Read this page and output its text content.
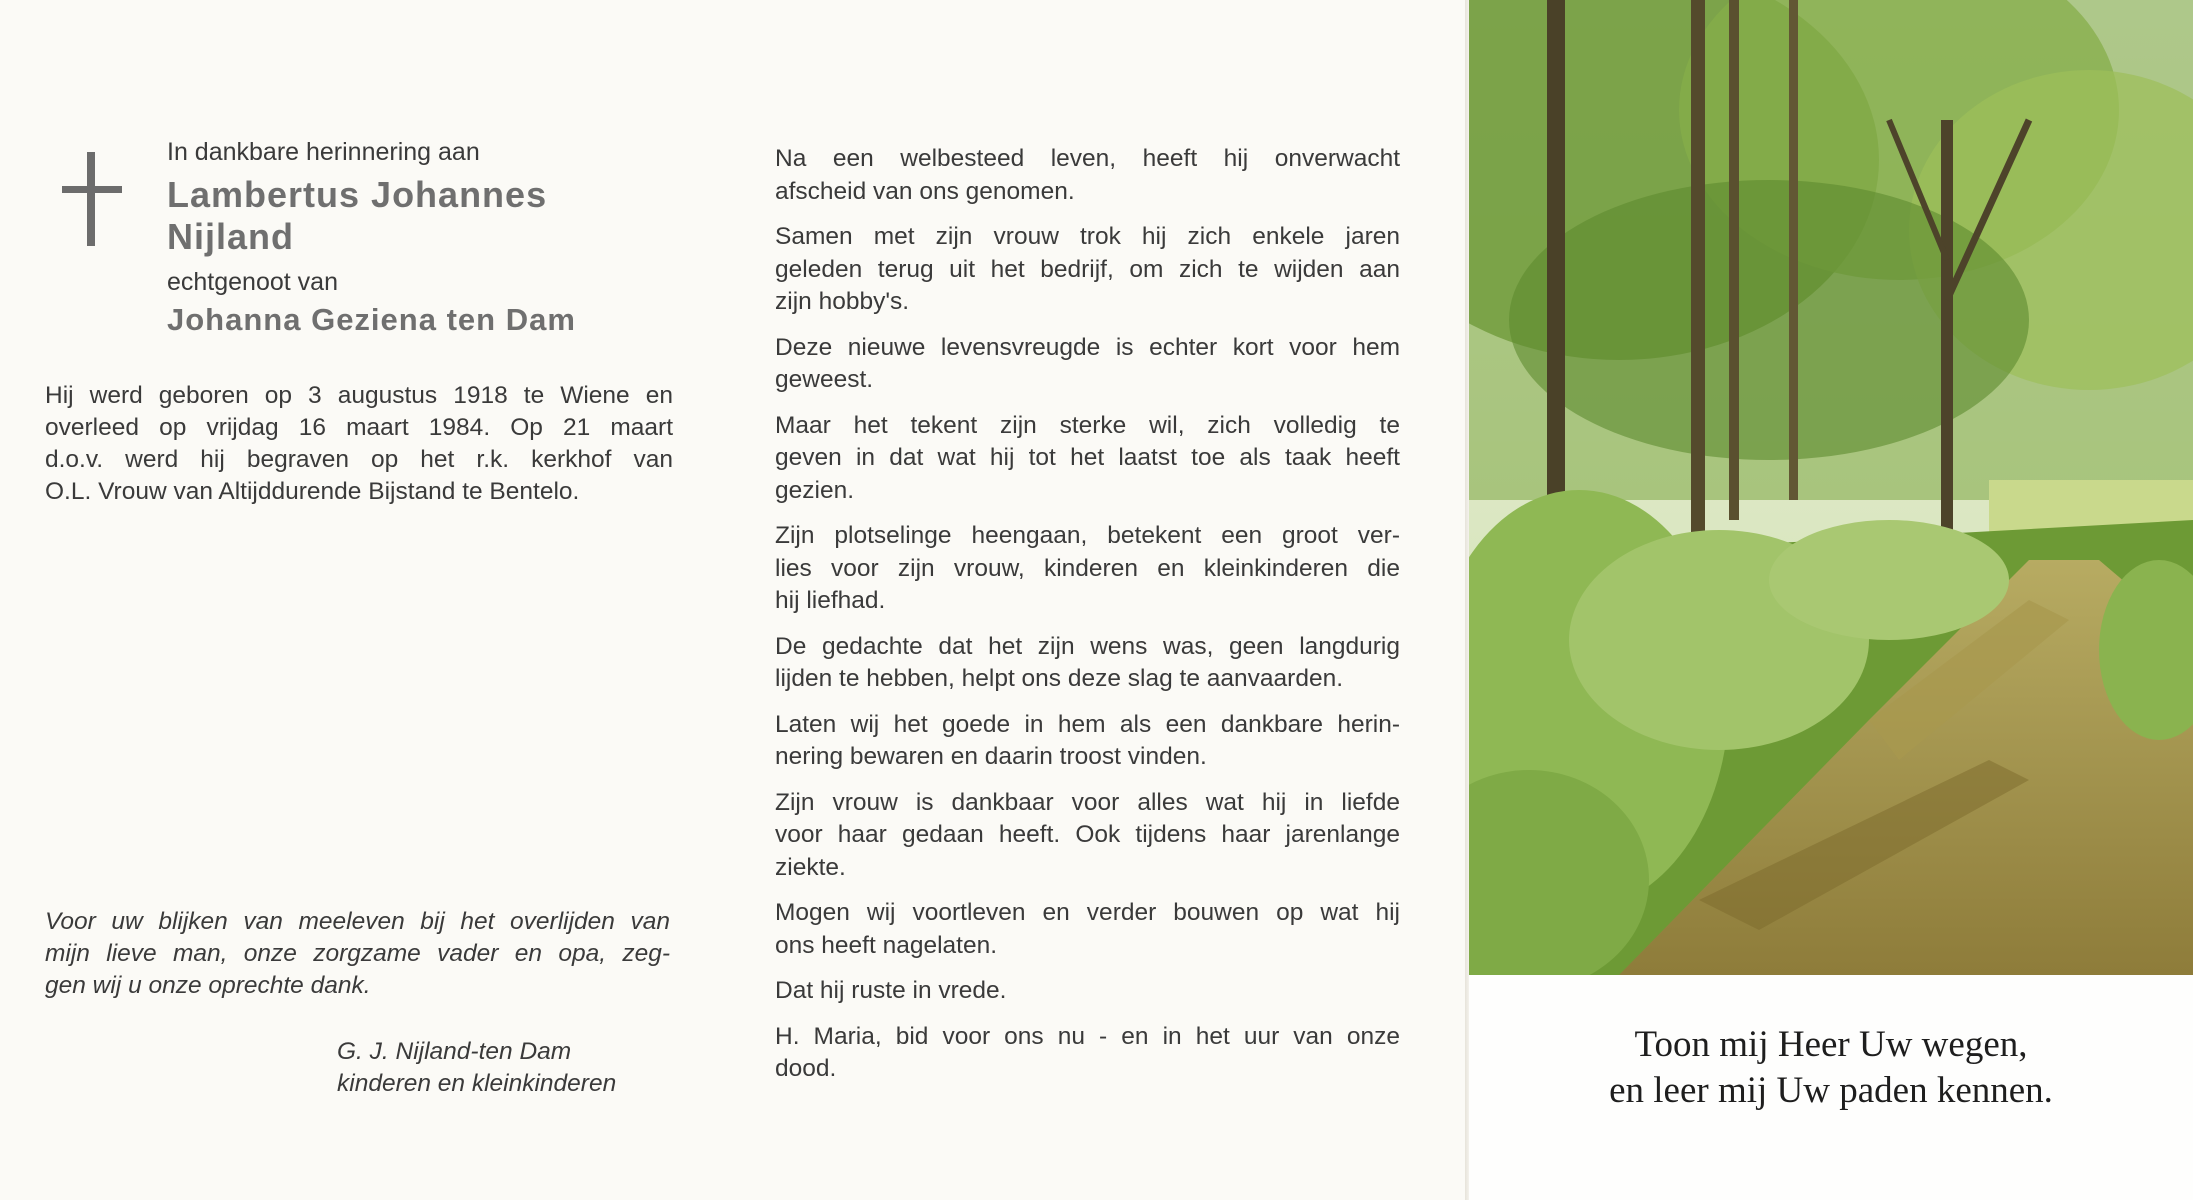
In dankbare herinnering aan
Lambertus Johannes
Nijland
echtgenoot van
Johanna Geziena ten Dam
Hij werd geboren op 3 augustus 1918 te Wiene en
overleed op vrijdag 16 maart 1984. Op 21 maart
d.o.v. werd hij begraven op het r.k. kerkhof van
O.L. Vrouw van Altijddurende Bijstand te Bentelo.
Voor uw blijken van meeleven bij het overlijden van
mijn lieve man, onze zorgzame vader en opa, zeg-
gen wij u onze oprechte dank.
G. J. Nijland-ten Dam
kinderen en kleinkinderen

Na een welbesteed leven, heeft hij onverwacht
afscheid van ons genomen.

Samen met zijn vrouw trok hij zich enkele jaren
geleden terug uit het bedrijf, om zich te wijden aan
zijn hobby's.

Deze nieuwe levensvreugde is echter kort voor hem
geweest.

Maar het tekent zijn sterke wil, zich volledig te
geven in dat wat hij tot het laatst toe als taak heeft
gezien.

Zijn plotselinge heengaan, betekent een groot ver-
lies voor zijn vrouw, kinderen en kleinkinderen die
hij liefhad.

De gedachte dat het zijn wens was, geen langdurig
lijden te hebben, helpt ons deze slag te aanvaarden.

Laten wij het goede in hem als een dankbare herin-
nering bewaren en daarin troost vinden.

Zijn vrouw is dankbaar voor alles wat hij in liefde
voor haar gedaan heeft. Ook tijdens haar jarenlange
ziekte.

Mogen wij voortleven en verder bouwen op wat hij
ons heeft nagelaten.

Dat hij ruste in vrede.

H. Maria, bid voor ons nu - en in het uur van onze
dood.

Toon mij Heer Uw wegen,
en leer mij Uw paden kennen.
